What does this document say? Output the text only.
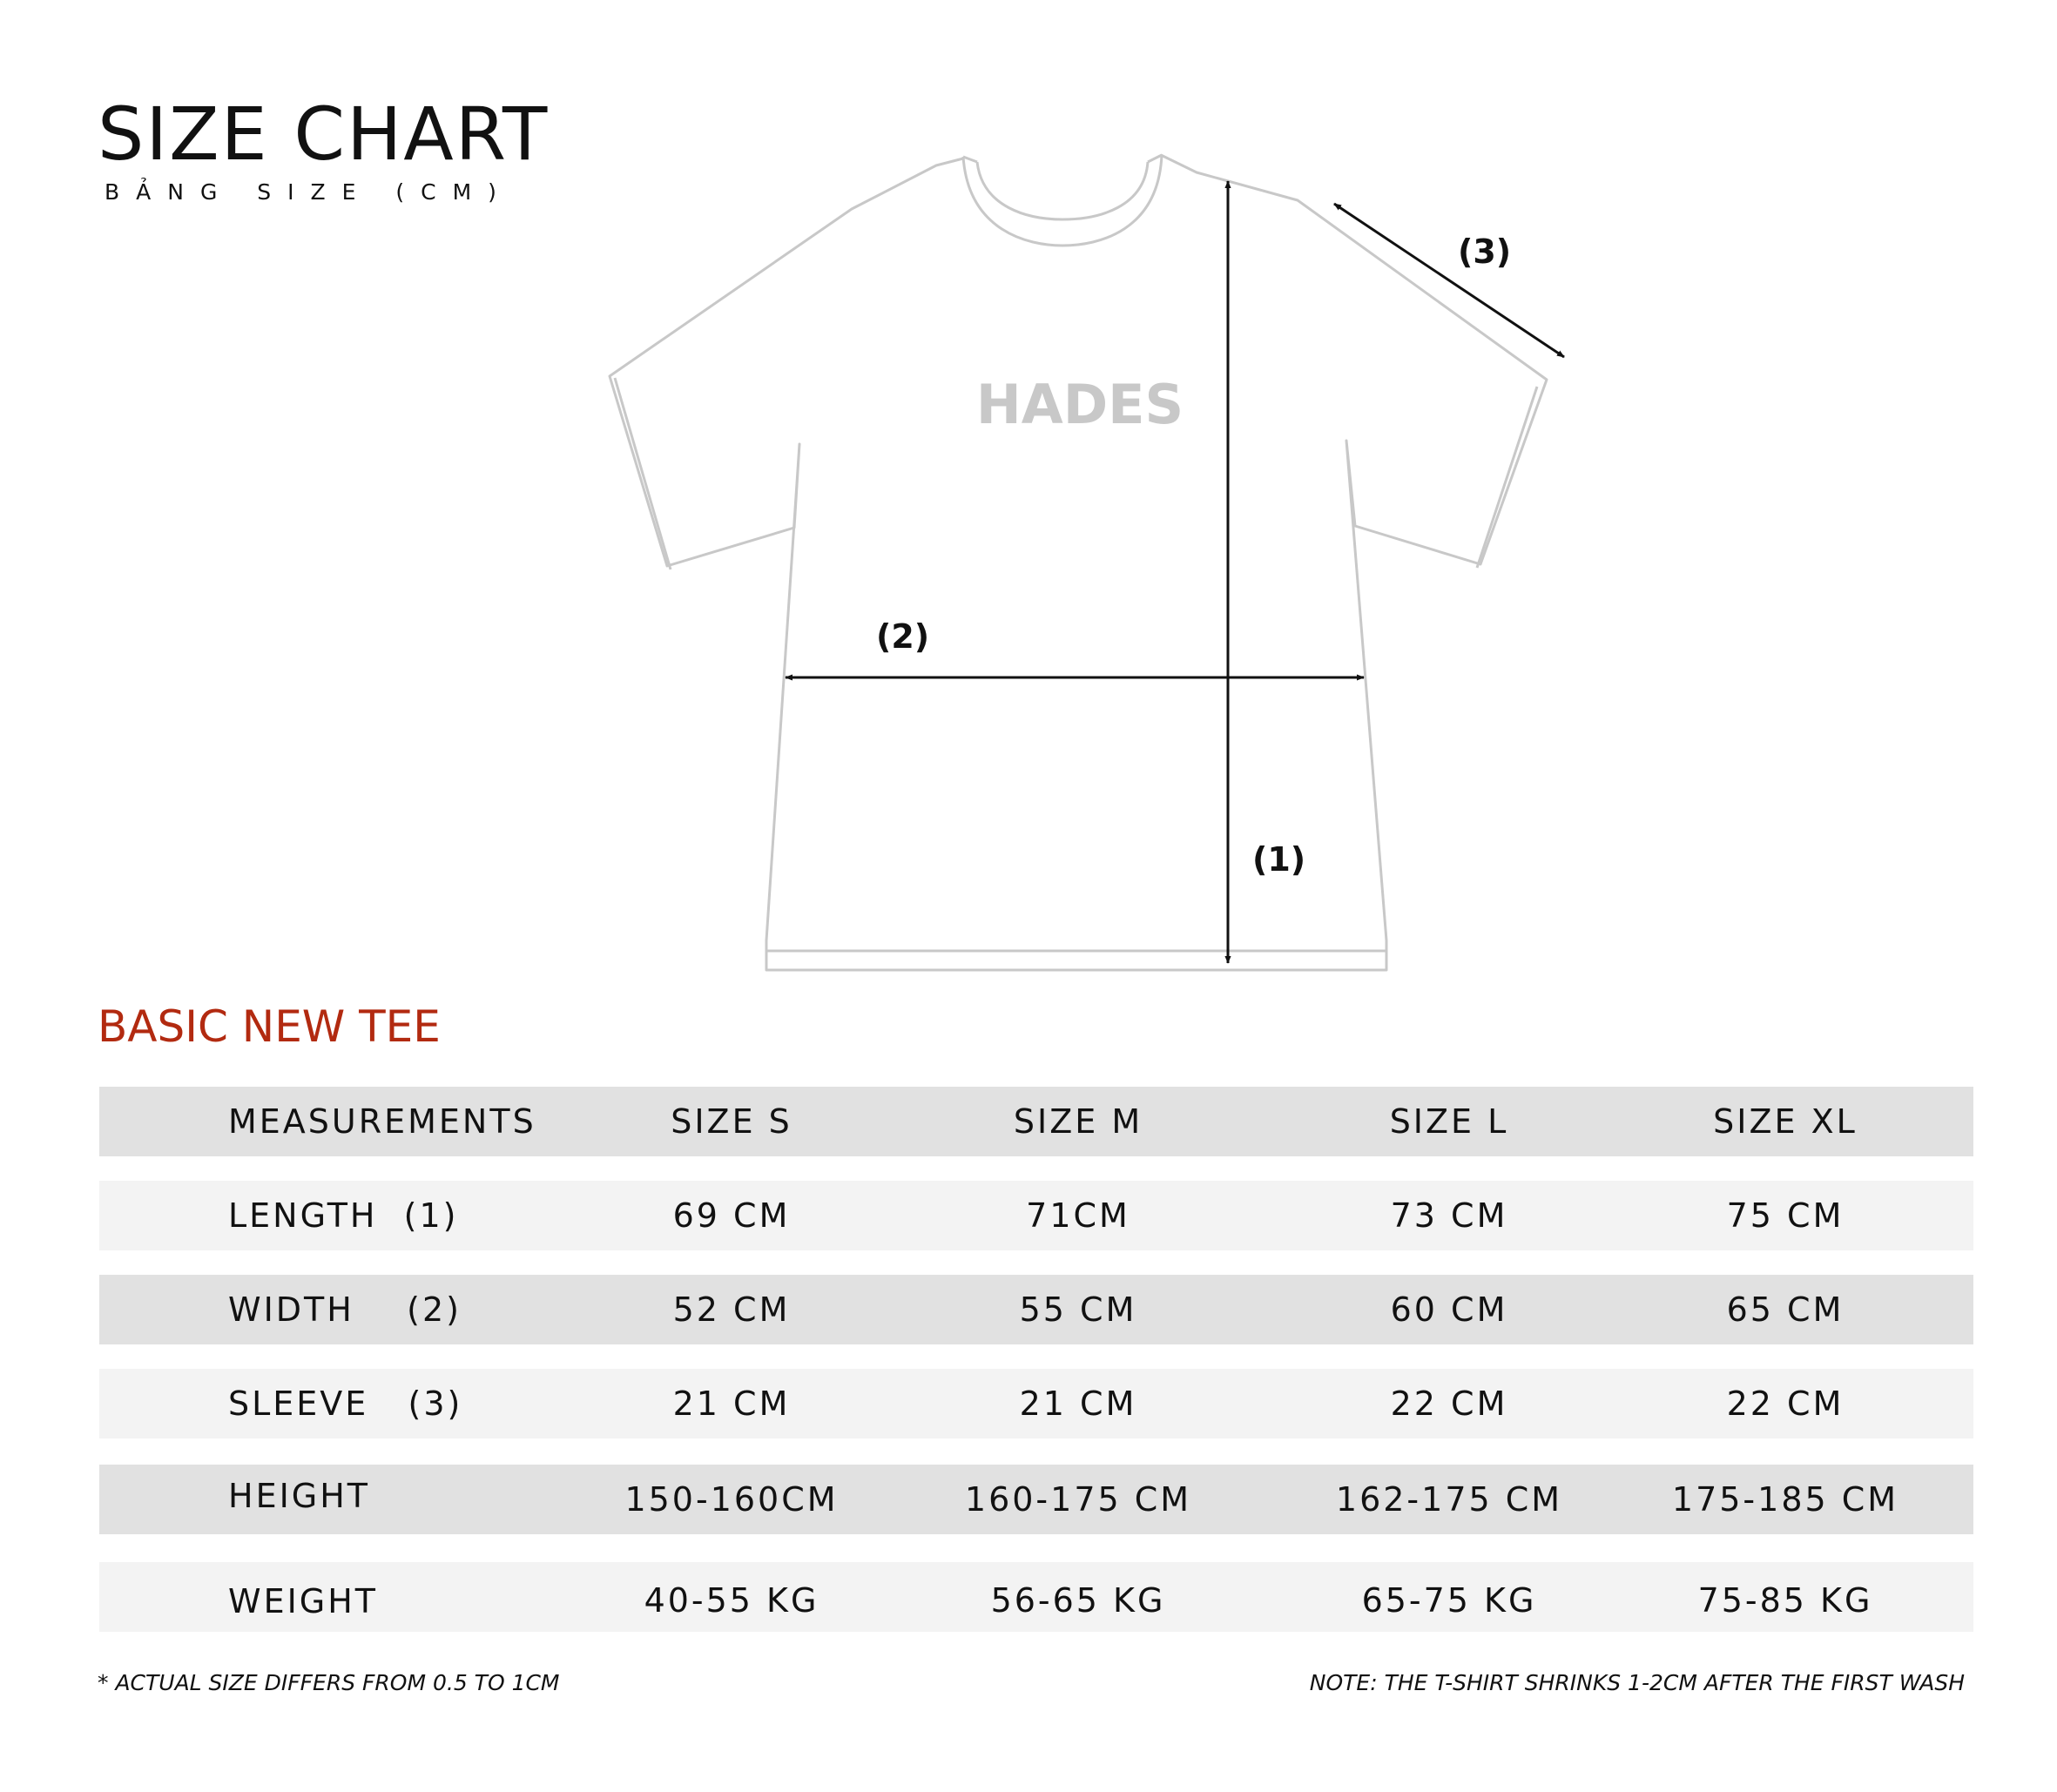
SIZE CHART
BẢNG SIZE (CM)
HADES
(1)
(2)
(3)
BASIC NEW TEE
MEASUREMENTS	SIZE S	SIZE M	SIZE L	SIZE XL
LENGTH  (1)	69 CM	71CM	73 CM	75 CM
WIDTH    (2)	52 CM	55 CM	60 CM	65 CM
SLEEVE   (3)	21 CM	21 CM	22 CM	22 CM
HEIGHT	150-160CM	160-175 CM	162-175 CM	175-185 CM
WEIGHT	40-55 KG	56-65 KG	65-75 KG	75-85 KG
* ACTUAL SIZE DIFFERS FROM 0.5 TO 1CM	NOTE: THE T-SHIRT SHRINKS 1-2CM AFTER THE FIRST WASH
